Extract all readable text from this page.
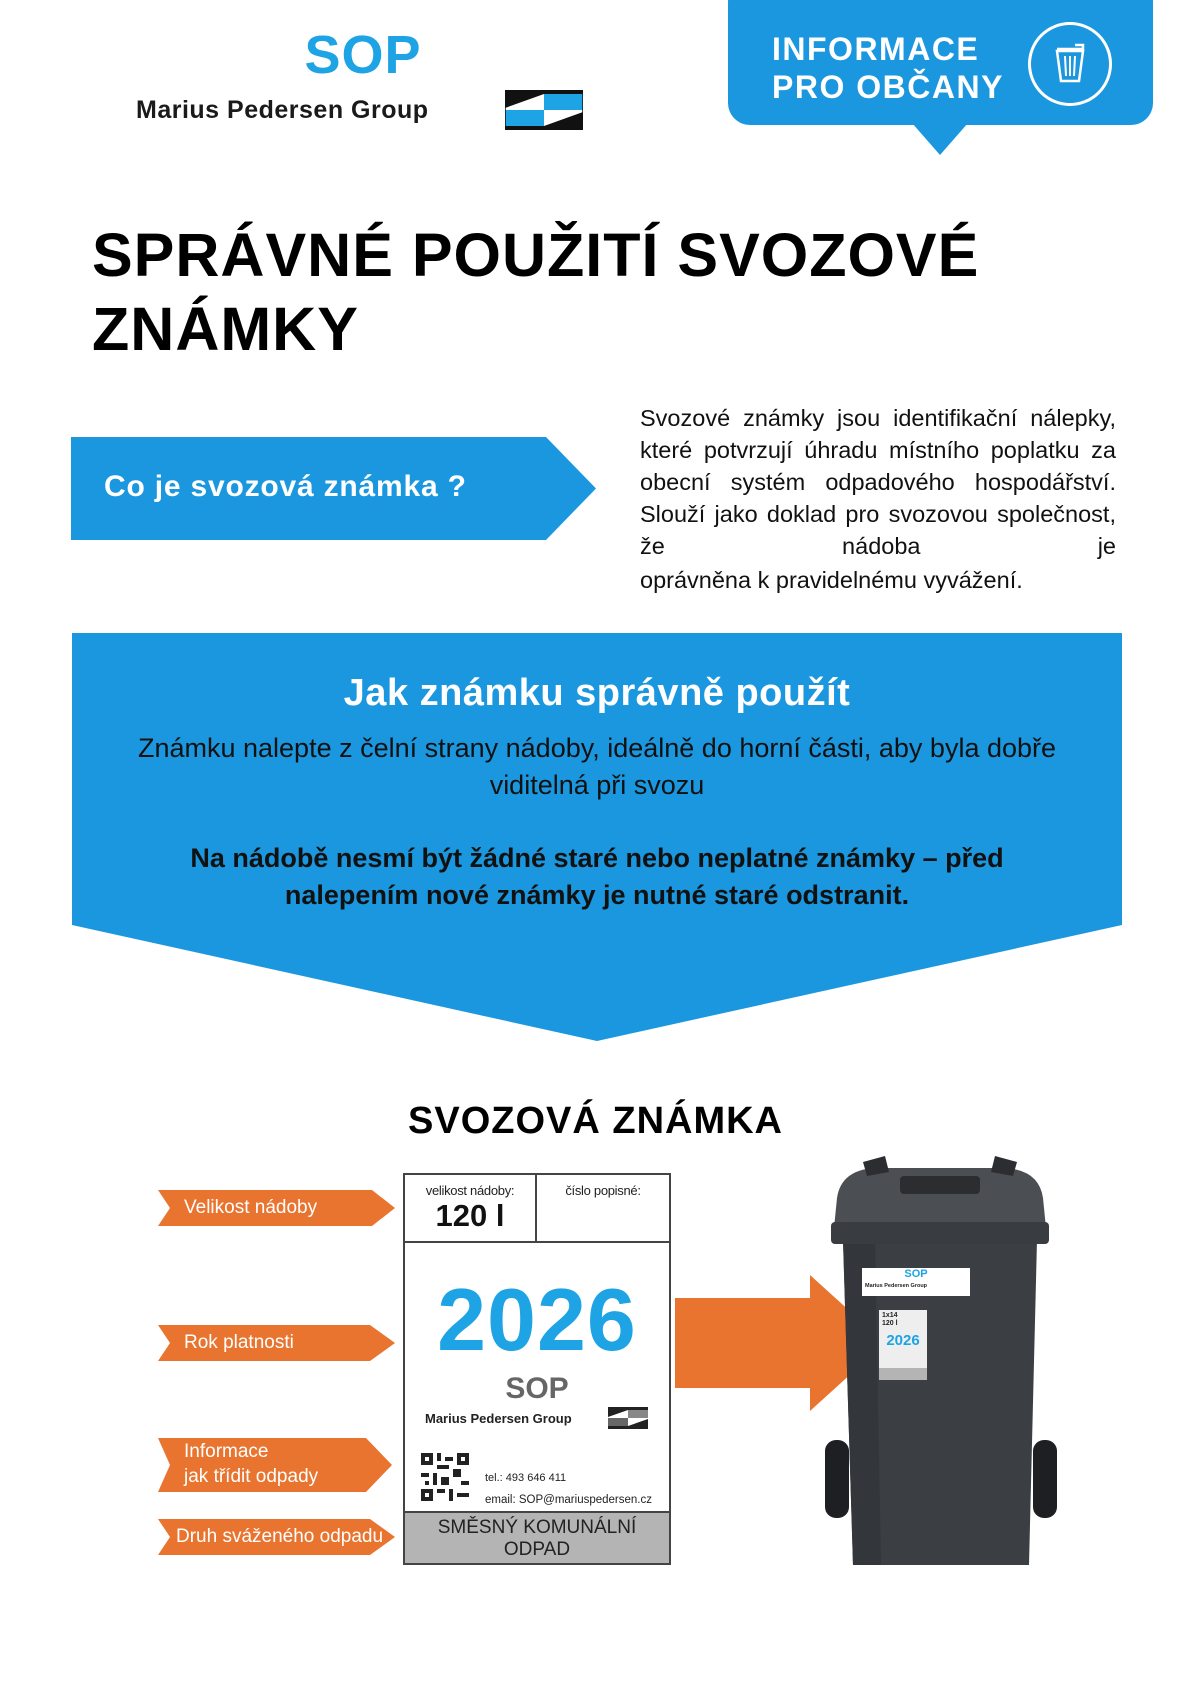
SOP
Marius Pedersen Group
INFORMACE
PRO OBČANY
SPRÁVNÉ POUŽITÍ SVOZOVÉ
ZNÁMKY
Co je svozová známka ?
Svozové známky jsou identifikační nálepky, které potvrzují úhradu místního poplatku za obecní systém odpadového hospodářství. Slouží jako doklad pro svozovou společnost, že nádoba je
oprávněna k pravidelnému vyvážení.
Jak známku správně použít
Známku nalepte z čelní strany nádoby, ideálně do horní části, aby byla dobře viditelná při svozu
Na nádobě nesmí být žádné staré nebo neplatné známky – před nalepením nové známky je nutné staré odstranit.
SVOZOVÁ ZNÁMKA
Velikost nádoby
Rok platnosti
Informace
jak třídit odpady
Druh sváženého odpadu
velikost nádoby:
120 l
číslo popisné:
2026
SOP
Marius Pedersen Group
tel.: 493 646 411
email: SOP@mariuspedersen.cz
SMĚSNÝ KOMUNÁLNÍ
ODPAD
SOP
Marius Pedersen Group
1x14
120 l
2026
